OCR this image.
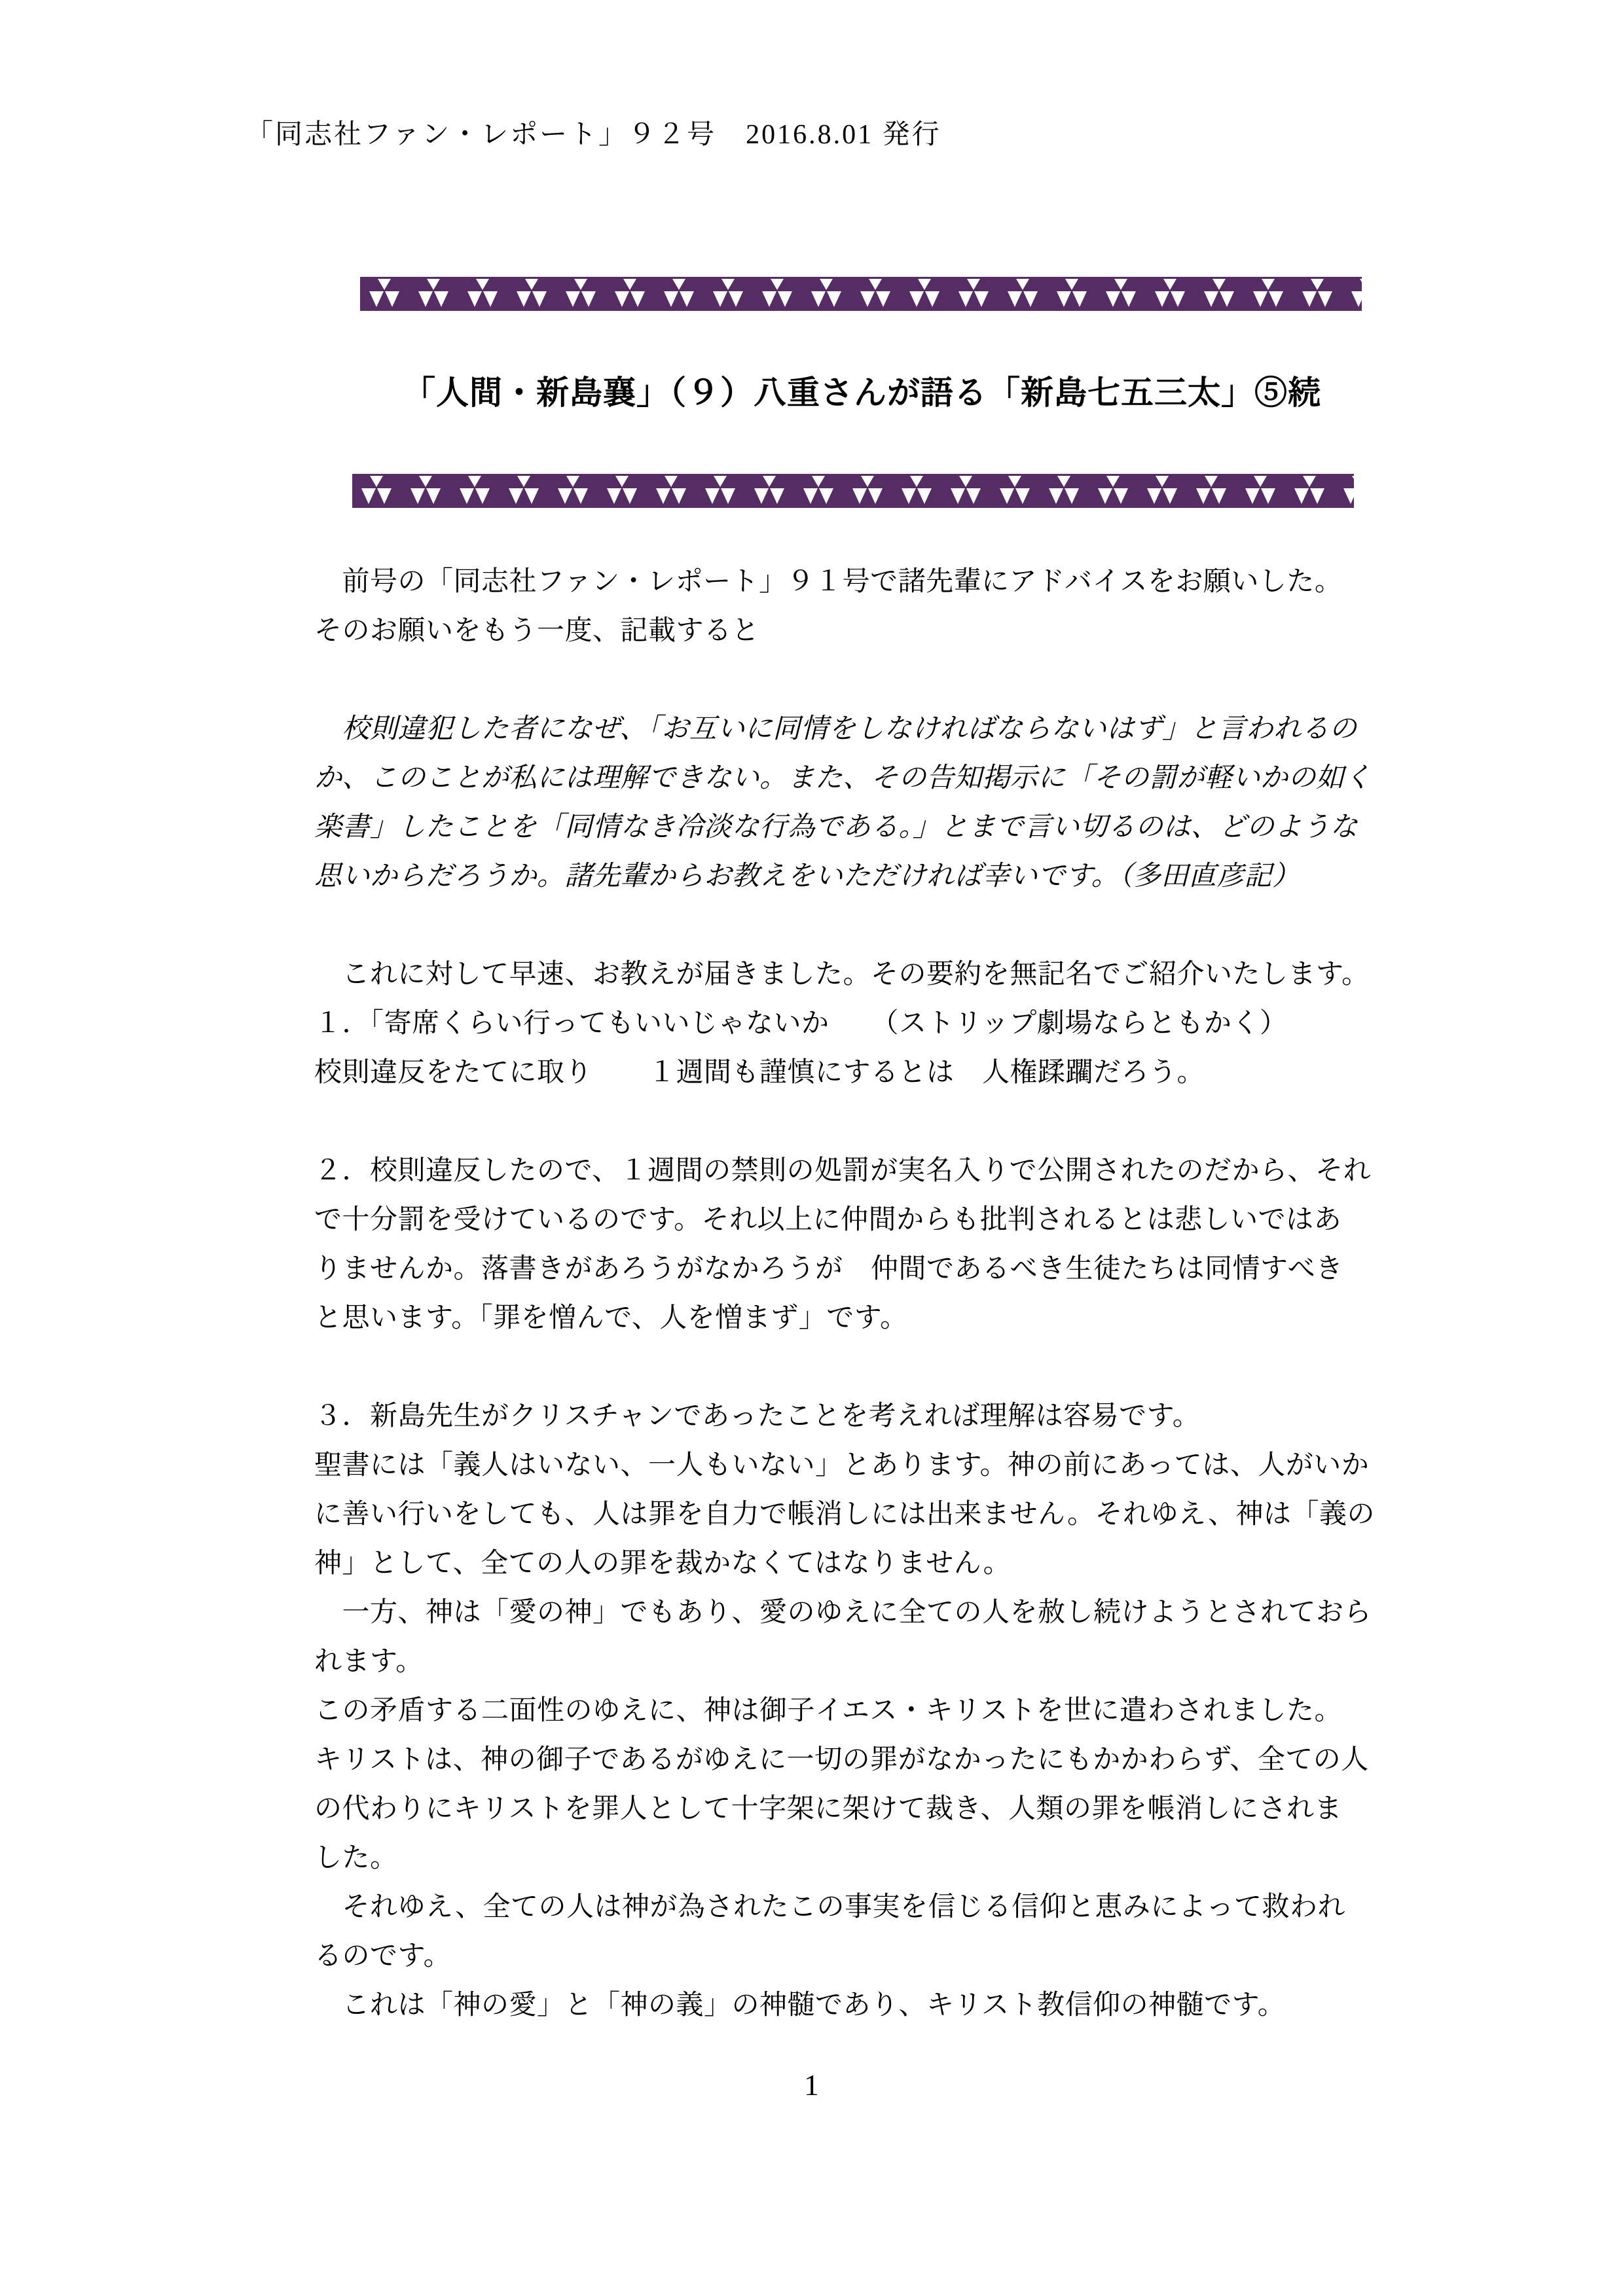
「同志社ファン・レポート」９２号　2016.8.01 発行
「人間・新島襄」（９）八重さんが語る「新島七五三太」⑤続
　前号の「同志社ファン・レポート」９１号で諸先輩にアドバイスをお願いした。
そのお願いをもう一度、記載すると

　校則違犯した者になぜ、「お互いに同情をしなければならないはず」と言われるの
か、このことが私には理解できない。また、その告知掲示に「その罰が軽いかの如く
楽書」したことを「同情なき冷淡な行為である。」とまで言い切るのは、どのような
思いからだろうか。諸先輩からお教えをいただければ幸いです。（多田直彦記）

　これに対して早速、お教えが届きました。その要約を無記名でご紹介いたします。
１．「寄席くらい行ってもいいじゃないか　　（ストリップ劇場ならともかく）
校則違反をたてに取り　　１週間も謹慎にするとは　人権蹂躙だろう。

２．校則違反したので、１週間の禁則の処罰が実名入りで公開されたのだから、それ
で十分罰を受けているのです。それ以上に仲間からも批判されるとは悲しいではあ
りませんか。落書きがあろうがなかろうが　仲間であるべき生徒たちは同情すべき
と思います。「罪を憎んで、人を憎まず」です。

３．新島先生がクリスチャンであったことを考えれば理解は容易です。
聖書には「義人はいない、一人もいない」とあります。神の前にあっては、人がいか
に善い行いをしても、人は罪を自力で帳消しには出来ません。それゆえ、神は「義の
神」として、全ての人の罪を裁かなくてはなりません。
　一方、神は「愛の神」でもあり、愛のゆえに全ての人を赦し続けようとされておら
れます。
この矛盾する二面性のゆえに、神は御子イエス・キリストを世に遣わされました。
キリストは、神の御子であるがゆえに一切の罪がなかったにもかかわらず、全ての人
の代わりにキリストを罪人として十字架に架けて裁き、人類の罪を帳消しにされま
した。
　それゆえ、全ての人は神が為されたこの事実を信じる信仰と恵みによって救われ
るのです。
　これは「神の愛」と「神の義」の神髄であり、キリスト教信仰の神髄です。
1
